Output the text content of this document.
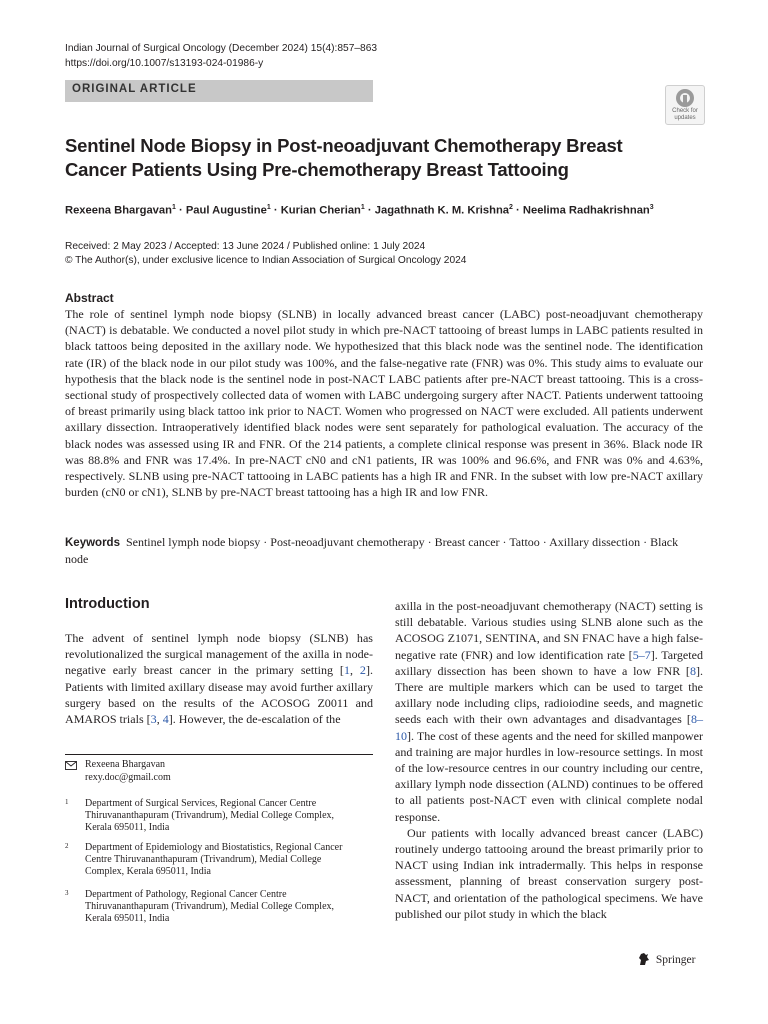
Indian Journal of Surgical Oncology (December 2024) 15(4):857–863
https://doi.org/10.1007/s13193-024-01986-y
ORIGINAL ARTICLE
Check for updates
Sentinel Node Biopsy in Post-neoadjuvant Chemotherapy Breast Cancer Patients Using Pre-chemotherapy Breast Tattooing
Rexeena Bhargavan$^1$ · Paul Augustine$^1$ · Kurian Cherian$^1$ · Jagathnath K. M. Krishna$^2$ · Neelima Radhakrishnan$^3$
Received: 2 May 2023 / Accepted: 13 June 2024 / Published online: 1 July 2024
© The Author(s), under exclusive licence to Indian Association of Surgical Oncology 2024
Abstract
The role of sentinel lymph node biopsy (SLNB) in locally advanced breast cancer (LABC) post-neoadjuvant chemotherapy (NACT) is debatable. We conducted a novel pilot study in which pre-NACT tattooing of breast lumps in LABC patients resulted in black tattoos being deposited in the axillary node. We hypothesized that this black node was the sentinel node. The identification rate (IR) of the black node in our pilot study was 100%, and the false-negative rate (FNR) was 0%. This study aims to evaluate our hypothesis that the black node is the sentinel node in post-NACT LABC patients after pre-NACT breast tattooing. This is a cross-sectional study of prospectively collected data of women with LABC undergoing surgery after NACT. Patients underwent tattooing of breast primarily using black tattoo ink prior to NACT. Women who progressed on NACT were excluded. All patients underwent axillary dissection. Intraoperatively identified black nodes were sent separately for pathological evaluation. The accuracy of the black nodes was assessed using IR and FNR. Of the 214 patients, a complete clinical response was present in 36%. Black node IR was 88.8% and FNR was 17.4%. In pre-NACT cN0 and cN1 patients, IR was 100% and 96.6%, and FNR was 0% and 4.63%, respectively. SLNB using pre-NACT tattooing in LABC patients has a high IR and FNR. In the subset with low pre-NACT axillary burden (cN0 or cN1), SLNB by pre-NACT breast tattooing has a high IR and low FNR.
Keywords Sentinel lymph node biopsy · Post-neoadjuvant chemotherapy · Breast cancer · Tattoo · Axillary dissection · Black node
Introduction

The advent of sentinel lymph node biopsy (SLNB) has revolutionalized the surgical management of the axilla in node-negative early breast cancer in the primary setting [1, 2]. Patients with limited axillary disease may avoid further axillary surgery based on the results of the ACOSOG Z0011 and AMAROS trials [3, 4]. However, the de-escalation of the

axilla in the post-neoadjuvant chemotherapy (NACT) setting is still debatable. Various studies using SLNB alone such as the ACOSOG Z1071, SENTINA, and SN FNAC have a high false-negative rate (FNR) and low identification rate [5–7]. Targeted axillary dissection has been shown to have a low FNR [8]. There are multiple markers which can be used to target the axillary node including clips, radioiodine seeds, and magnetic seeds each with their own advantages and disadvantages [8–10]. The cost of these agents and the need for skilled manpower and training are major hurdles in low-resource settings. In most of the low-resource centres in our country including our centre, axillary lymph node dissection (ALND) continues to be offered to all patients post-NACT even with clinical complete nodal response.

Our patients with locally advanced breast cancer (LABC) routinely undergo tattooing around the breast primarily prior to NACT using Indian ink intradermally. This helps in response assessment, planning of breast conservation surgery post-NACT, and orientation of the pathological specimens. We have published our pilot study in which the black

Rexeena Bhargavan
rexy.doc@gmail.com
1 Department of Surgical Services, Regional Cancer Centre Thiruvananthapuram (Trivandrum), Medial College Complex, Kerala 695011, India
2 Department of Epidemiology and Biostatistics, Regional Cancer Centre Thiruvananthapuram (Trivandrum), Medial College Complex, Kerala 695011, India
3 Department of Pathology, Regional Cancer Centre Thiruvananthapuram (Trivandrum), Medial College Complex, Kerala 695011, India
Springer
